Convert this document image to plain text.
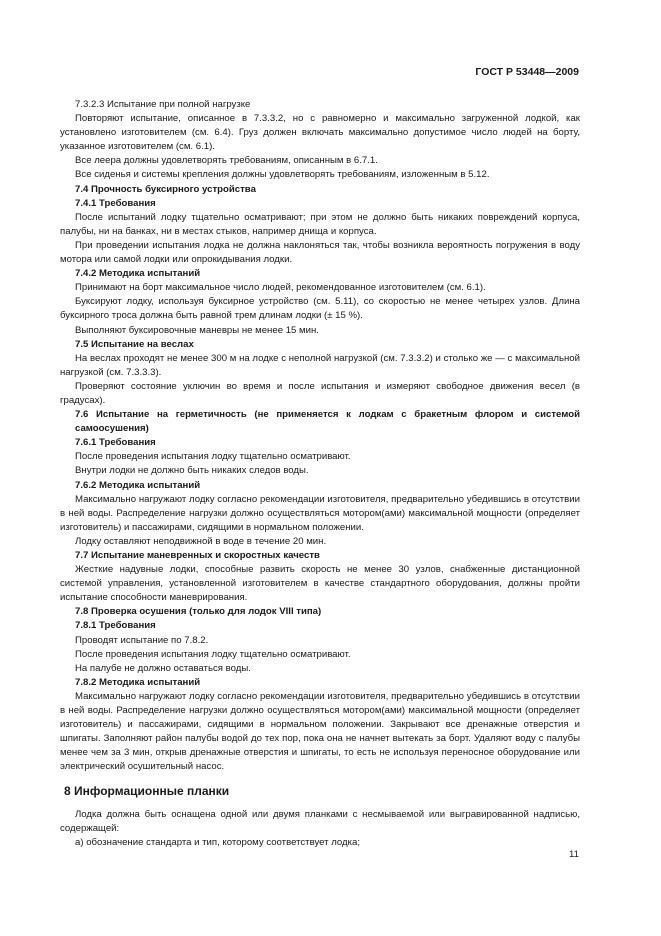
ГОСТ Р 53448—2009

7.3.2.3 Испытание при полной нагрузке

Повторяют испытание, описанное в 7.3.3.2, но с равномерно и максимально загруженной лодкой, как установлено изготовителем (см. 6.4). Груз должен включать максимально допустимое число людей на борту, указанное изготовителем (см. 6.1).

Все леера должны удовлетворять требованиям, описанным в 6.7.1.

Все сиденья и системы крепления должны удовлетворять требованиям, изложенным в 5.12.

7.4 Прочность буксирного устройства

7.4.1 Требования

После испытаний лодку тщательно осматривают; при этом не должно быть никаких повреждений корпуса, палубы, ни на банках, ни в местах стыков, например днища и корпуса.

При проведении испытания лодка не должна наклоняться так, чтобы возникла вероятность погружения в воду мотора или самой лодки или опрокидывания лодки.

7.4.2 Методика испытаний

Принимают на борт максимальное число людей, рекомендованное изготовителем (см. 6.1).

Буксируют лодку, используя буксирное устройство (см. 5.11), со скоростью не менее четырех узлов. Длина буксирного троса должна быть равной трем длинам лодки (± 15 %).

Выполняют буксировочные маневры не менее 15 мин.

7.5 Испытание на веслах

На веслах проходят не менее 300 м на лодке с неполной нагрузкой (см. 7.3.3.2) и столько же — с максимальной нагрузкой (см. 7.3.3.3).

Проверяют состояние уключин во время и после испытания и измеряют свободное движения весел (в градусах).

7.6 Испытание на герметичность (не применяется к лодкам с бракетным флором и системой самоосушения)

7.6.1 Требования

После проведения испытания лодку тщательно осматривают.

Внутри лодки не должно быть никаких следов воды.

7.6.2 Методика испытаний

Максимально нагружают лодку согласно рекомендации изготовителя, предварительно убедившись в отсутствии в ней воды. Распределение нагрузки должно осуществляться мотором(ами) максимальной мощности (определяет изготовитель) и пассажирами, сидящими в нормальном положении.

Лодку оставляют неподвижной в воде в течение 20 мин.

7.7 Испытание маневренных и скоростных качеств

Жесткие надувные лодки, способные развить скорость не менее 30 узлов, снабженные дистанционной системой управления, установленной изготовителем в качестве стандартного оборудования, должны пройти испытание способности маневрирования.

7.8 Проверка осушения (только для лодок VIII типа)

7.8.1 Требования

Проводят испытание по 7.8.2.

После проведения испытания лодку тщательно осматривают.

На палубе не должно оставаться воды.

7.8.2 Методика испытаний

Максимально нагружают лодку согласно рекомендации изготовителя, предварительно убедившись в отсутствии в ней воды. Распределение нагрузки должно осуществляться мотором(ами) максимальной мощности (определяет изготовитель) и пассажирами, сидящими в нормальном положении. Закрывают все дренажные отверстия и шпигаты. Заполняют район палубы водой до тех пор, пока она не начнет вытекать за борт. Удаляют воду с палубы менее чем за 3 мин, открыв дренажные отверстия и шпигаты, то есть не используя переносное оборудование или электрический осушительный насос.

8 Информационные планки

Лодка должна быть оснащена одной или двумя планками с несмываемой или выгравированной надписью, содержащей:

а) обозначение стандарта и тип, которому соответствует лодка;

11
